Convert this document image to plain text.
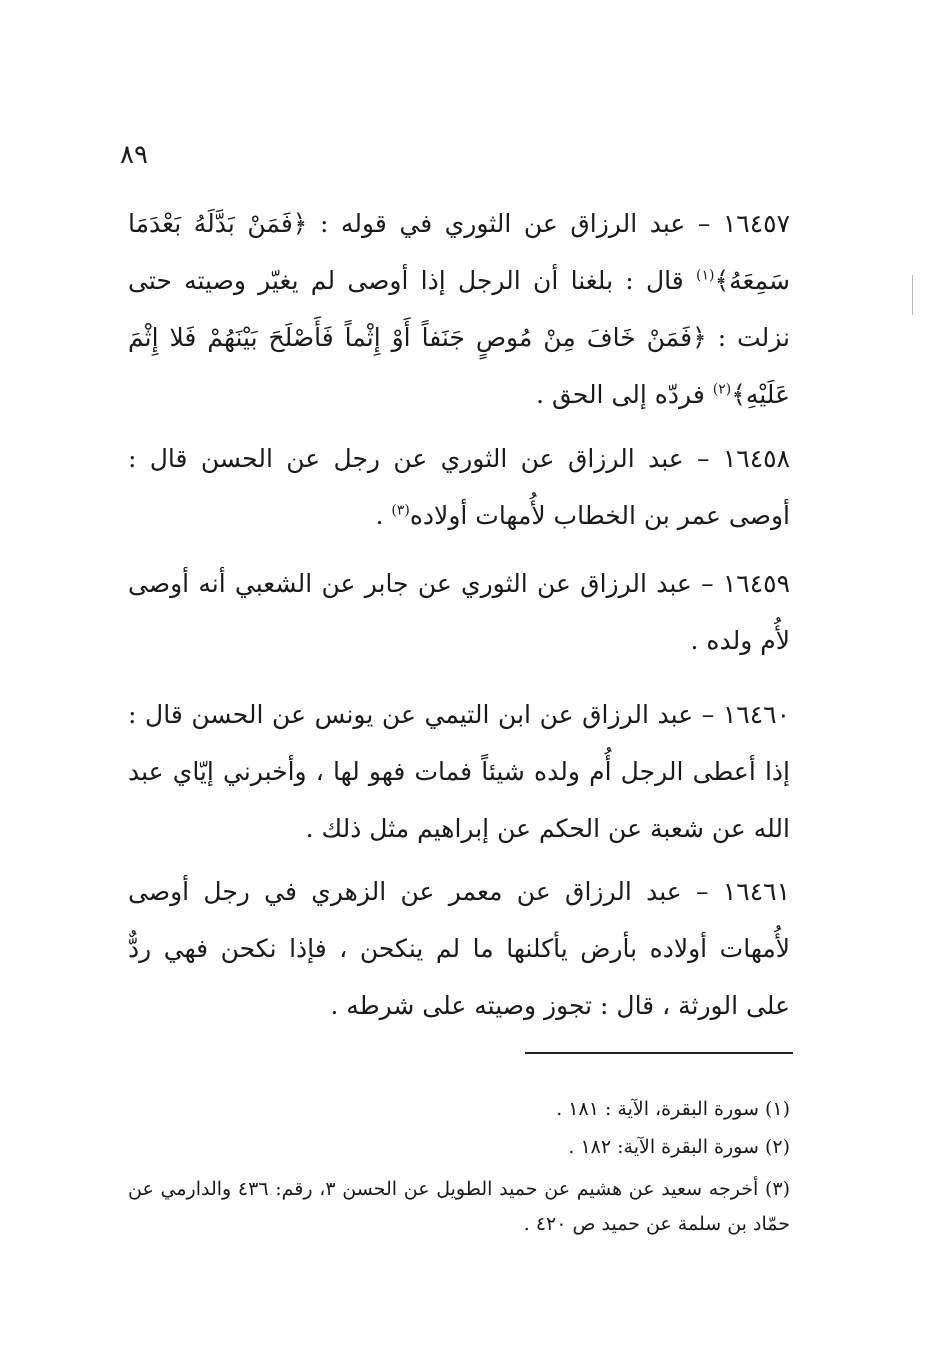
٨٩

١٦٤٥٧ – عبد الرزاق عن الثوري في قوله : ﴿فَمَنْ بَدَّلَهُ بَعْدَمَا سَمِعَهُ﴾$^{(١)}$ قال : بلغنا أن الرجل إذا أوصى لم يغيّر وصيته حتى نزلت : ﴿فَمَنْ خَافَ مِنْ مُوصٍ جَنَفاً أَوْ إِثْماً فَأَصْلَحَ بَيْنَهُمْ فَلا إِثْمَ عَلَيْهِ﴾$^{(٢)}$ فردّه إلى الحق .

١٦٤٥٨ – عبد الرزاق عن الثوري عن رجل عن الحسن قال : أوصى عمر بن الخطاب لأُمهات أولاده$^{(٣)}$ .

١٦٤٥٩ – عبد الرزاق عن الثوري عن جابر عن الشعبي أنه أوصى لأُم ولده .

١٦٤٦٠ – عبد الرزاق عن ابن التيمي عن يونس عن الحسن قال : إذا أعطى الرجل أُم ولده شيئاً فمات فهو لها ، وأخبرني إيّاي عبد الله عن شعبة عن الحكم عن إبراهيم مثل ذلك .

١٦٤٦١ – عبد الرزاق عن معمر عن الزهري في رجل أوصى لأُمهات أولاده بأرض يأكلنها ما لم ينكحن ، فإذا نكحن فهي ردٌّ على الورثة ، قال : تجوز وصيته على شرطه .

(١) سورة البقرة، الآية : ١٨١ .

(٢) سورة البقرة الآية: ١٨٢ .

(٣) أخرجه سعيد عن هشيم عن حميد الطويل عن الحسن ٣، رقم: ٤٣٦ والدارمي عن حمّاد بن سلمة عن حميد ص ٤٢٠ .
